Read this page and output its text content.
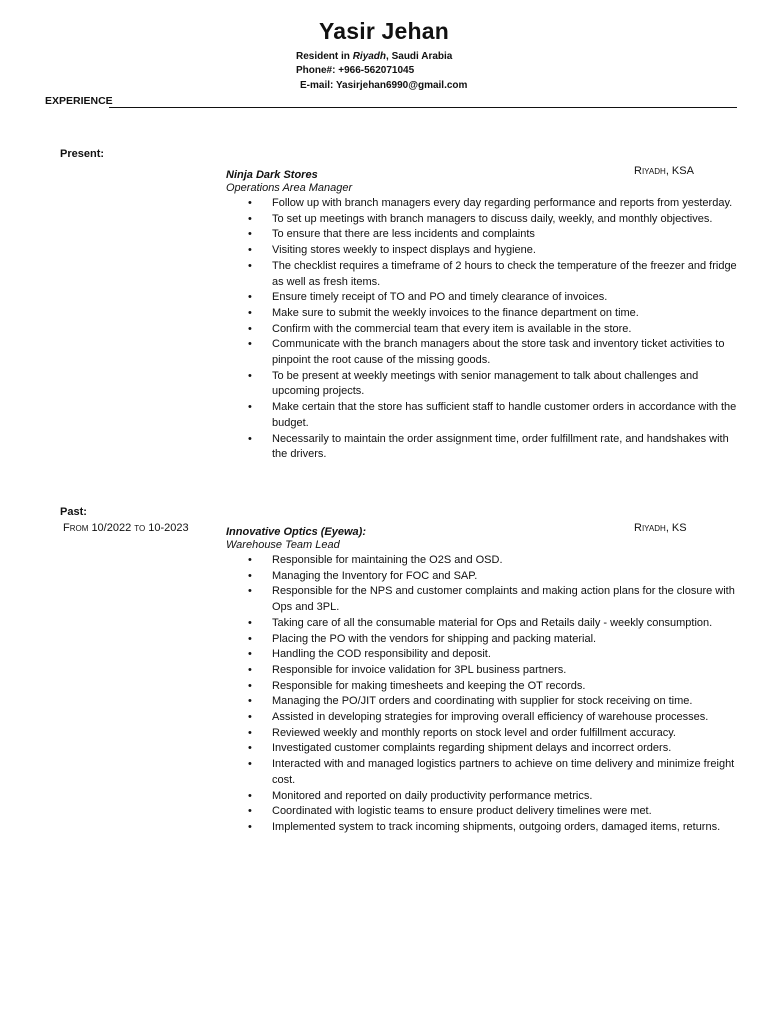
Yasir Jehan
Resident in Riyadh, Saudi Arabia
Phone#: +966-562071045
E-mail: Yasirjehan6990@gmail.com
EXPERIENCE
Present:
Ninja Dark Stores	Riyadh, KSA
Operations Area Manager
• Follow up with branch managers every day regarding performance and reports from yesterday.
• To set up meetings with branch managers to discuss daily, weekly, and monthly objectives.
• To ensure that there are less incidents and complaints
• Visiting stores weekly to inspect displays and hygiene.
• The checklist requires a timeframe of 2 hours to check the temperature of the freezer and fridge as well as fresh items.
• Ensure timely receipt of TO and PO and timely clearance of invoices.
• Make sure to submit the weekly invoices to the finance department on time.
• Confirm with the commercial team that every item is available in the store.
• Communicate with the branch managers about the store task and inventory ticket activities to pinpoint the root cause of the missing goods.
• To be present at weekly meetings with senior management to talk about challenges and upcoming projects.
• Make certain that the store has sufficient staff to handle customer orders in accordance with the budget.
• Necessarily to maintain the order assignment time, order fulfillment rate, and handshakes with the drivers.
Past:
From 10/2022 to 10-2023	Innovative Optics (Eyewa):	Riyadh, KS
Warehouse Team Lead
• Responsible for maintaining the O2S and OSD.
• Managing the Inventory for FOC and SAP.
• Responsible for the NPS and customer complaints and making action plans for the closure with Ops and 3PL.
• Taking care of all the consumable material for Ops and Retails daily - weekly consumption.
• Placing the PO with the vendors for shipping and packing material.
• Handling the COD responsibility and deposit.
• Responsible for invoice validation for 3PL business partners.
• Responsible for making timesheets and keeping the OT records.
• Managing the PO/JIT orders and coordinating with supplier for stock receiving on time.
• Assisted in developing strategies for improving overall efficiency of warehouse processes.
• Reviewed weekly and monthly reports on stock level and order fulfillment accuracy.
• Investigated customer complaints regarding shipment delays and incorrect orders.
• Interacted with and managed logistics partners to achieve on time delivery and minimize freight cost.
• Monitored and reported on daily productivity performance metrics.
• Coordinated with logistic teams to ensure product delivery timelines were met.
• Implemented system to track incoming shipments, outgoing orders, damaged items, returns.
